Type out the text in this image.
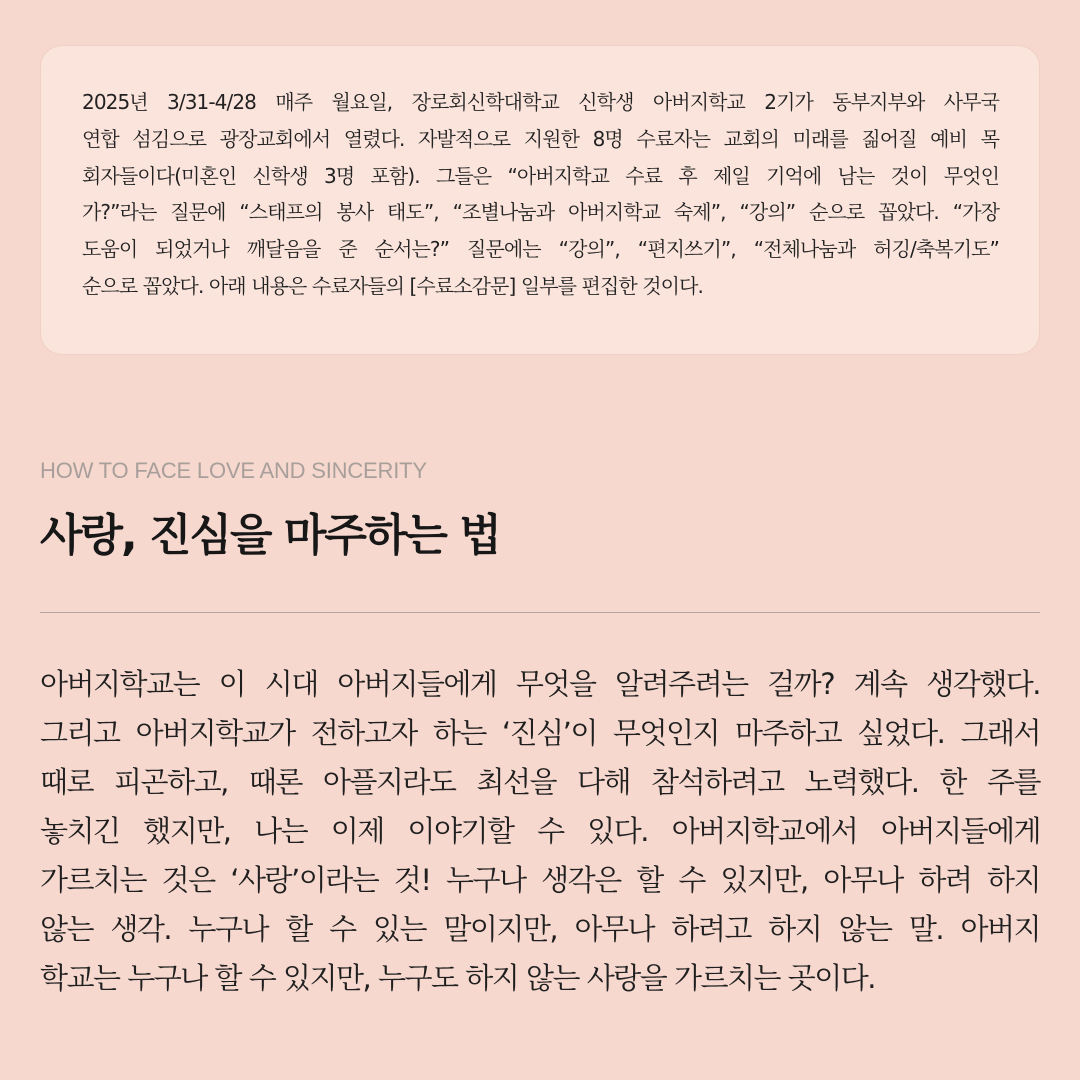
2025년 3/31-4/28 매주 월요일, 장로회신학대학교 신학생 아버지학교 2기가 동부지부와 사무국
연합 섬김으로 광장교회에서 열렸다. 자발적으로 지원한 8명 수료자는 교회의 미래를 짊어질 예비 목
회자들이다(미혼인 신학생 3명 포함). 그들은 “아버지학교 수료 후 제일 기억에 남는 것이 무엇인
가?”라는 질문에 “스태프의 봉사 태도”, “조별나눔과 아버지학교 숙제”, “강의” 순으로 꼽았다. “가장
도움이 되었거나 깨달음을 준 순서는?” 질문에는 “강의”, “편지쓰기”, “전체나눔과 허깅/축복기도”
순으로 꼽았다. 아래 내용은 수료자들의 [수료소감문] 일부를 편집한 것이다.
HOW TO FACE LOVE AND SINCERITY
사랑, 진심을 마주하는 법
아버지학교는 이 시대 아버지들에게 무엇을 알려주려는 걸까? 계속 생각했다.
그리고 아버지학교가 전하고자 하는 ‘진심’이 무엇인지 마주하고 싶었다. 그래서
때로 피곤하고, 때론 아플지라도 최선을 다해 참석하려고 노력했다. 한 주를
놓치긴 했지만, 나는 이제 이야기할 수 있다. 아버지학교에서 아버지들에게
가르치는 것은 ‘사랑’이라는 것! 누구나 생각은 할 수 있지만, 아무나 하려 하지
않는 생각. 누구나 할 수 있는 말이지만, 아무나 하려고 하지 않는 말. 아버지
학교는 누구나 할 수 있지만, 누구도 하지 않는 사랑을 가르치는 곳이다.
